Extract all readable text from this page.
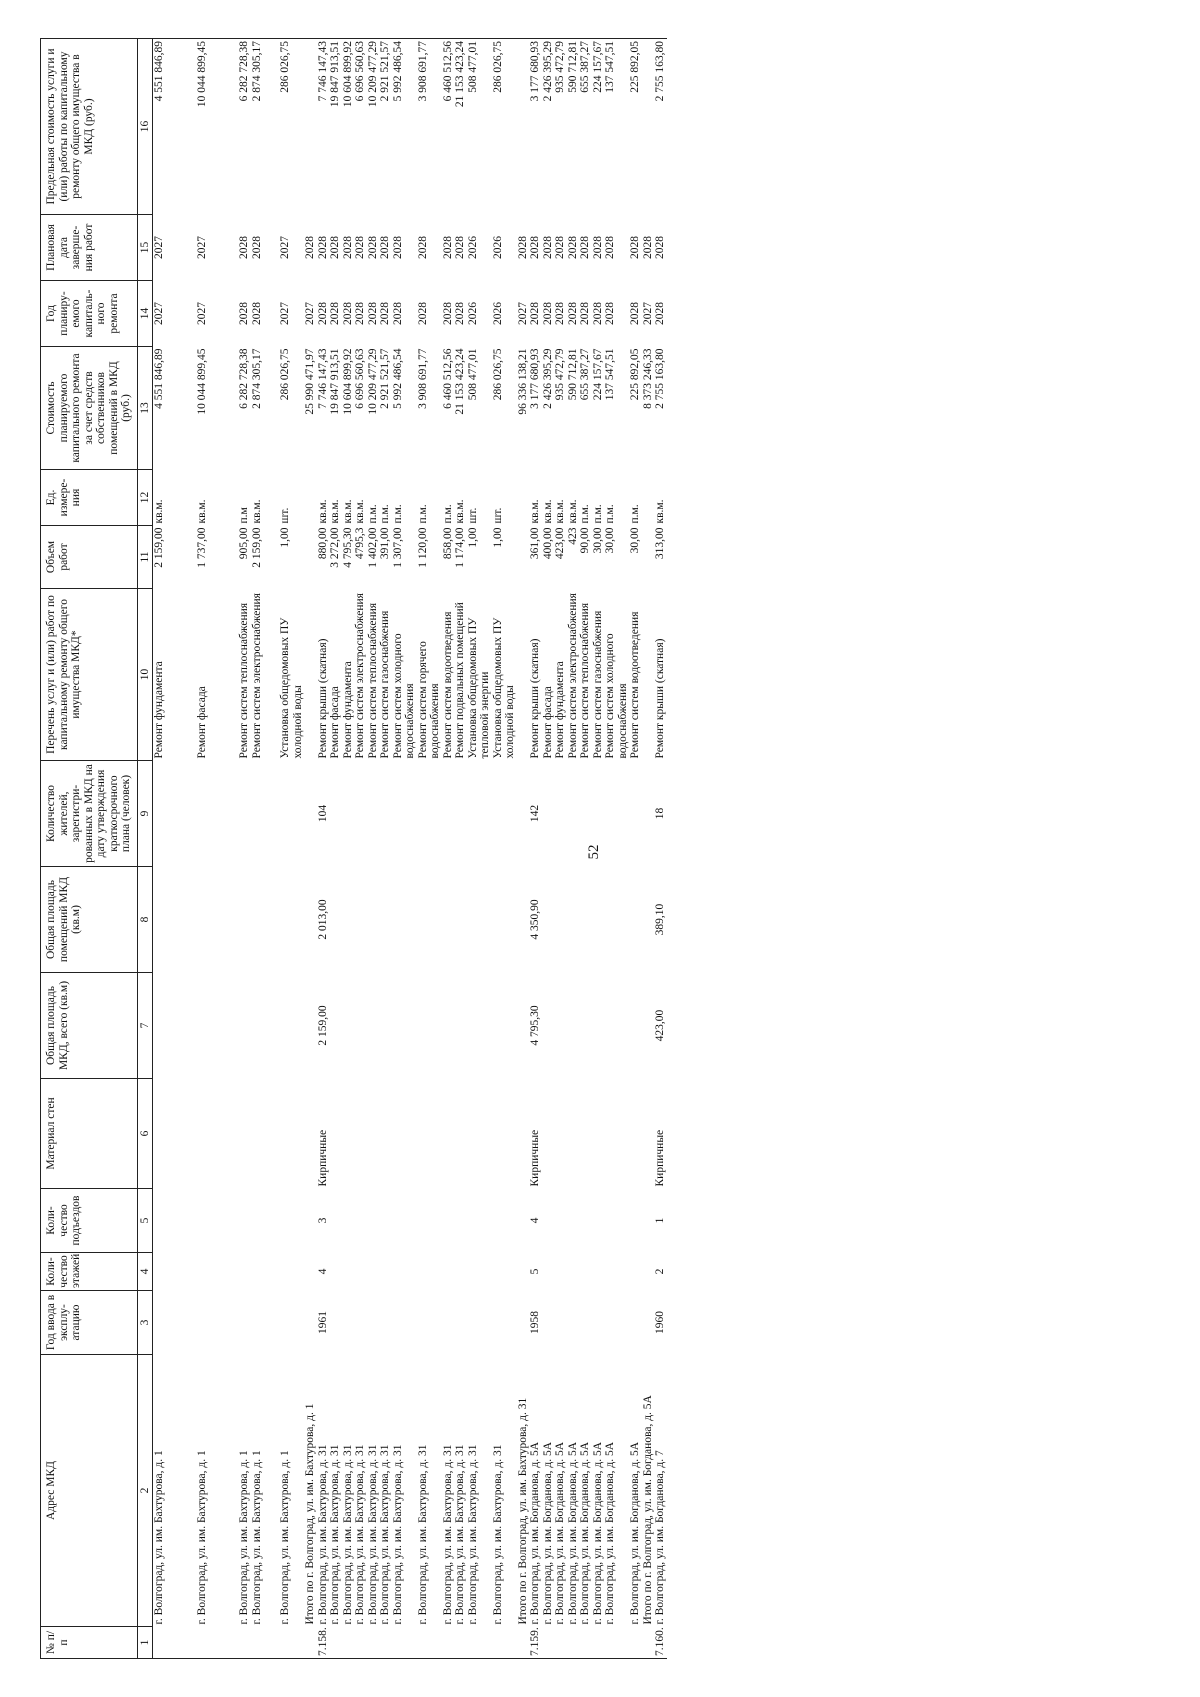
52
№ п/п	Адрес МКД	Год ввода в эксплу-атацию	Коли-чество этажей	Коли-чество подъездов	Материал стен	Общая площадь МКД, всего (кв.м)	Общая площадь помещений МКД (кв.м)	Количество жителей, зарегистри-рованных в МКД на дату утверждения краткосрочного плана (человек)	Перечень услуг и (или) работ по капитальному ремонту общего имущества МКД*	Объем работ	Ед. измере-ния	Стоимость планируемого капитального ремонта за счет средств собственников помещений в МКД (руб.)	Год планиру-емого капиталь-ного ремонта	Плановая дата заверше-ния работ	Предельная стоимость услуги и (или) работы по капитальному ремонту общего имущества в МКД (руб.)
1	2	3	4	5	6	7	8	9	10	11	12	13	14	15	16
	г. Волгоград, ул. им. Бахтурова, д. 1								Ремонт фундамента	2 159,00	кв.м.	4 551 846,89	2027	2027	4 551 846,89

	г. Волгоград, ул. им. Бахтурова, д. 1								Ремонт фасада	1 737,00	кв.м.	10 044 899,45	2027	2027	10 044 899,45

	г. Волгоград, ул. им. Бахтурова, д. 1								Ремонт систем теплоснабжения	905,00	п.м	6 282 728,38	2028	2028	6 282 728,38
	г. Волгоград, ул. им. Бахтурова, д. 1								Ремонт систем электроснабжения	2 159,00	кв.м.	2 874 305,17	2028	2028	2 874 305,17

	г. Волгоград, ул. им. Бахтурова, д. 1								Установка общедомовых ПУ холодной воды	1,00	шт.	286 026,75	2027	2027	286 026,75
	Итого по г. Волгоград, ул. им. Бахтурова, д. 1											25 990 471,97	2027	2028	
7.158.	г. Волгоград, ул. им. Бахтурова, д. 31	1961	4	3	Кирпичные	2 159,00	2 013,00	104	Ремонт крыши (скатная)	880,00	кв.м.	7 746 147,43	2028	2028	7 746 147,43
	г. Волгоград, ул. им. Бахтурова, д. 31								Ремонт фасада	3 272,00	кв.м.	19 847 913,51	2028	2028	19 847 913,51
	г. Волгоград, ул. им. Бахтурова, д. 31								Ремонт фундамента	4 795,30	кв.м.	10 604 899,92	2028	2028	10 604 899,92
	г. Волгоград, ул. им. Бахтурова, д. 31								Ремонт систем электроснабжения	4795,3	кв.м.	6 696 560,63	2028	2028	6 696 560,63
	г. Волгоград, ул. им. Бахтурова, д. 31								Ремонт систем теплоснабжения	1 402,00	п.м.	10 209 477,29	2028	2028	10 209 477,29
	г. Волгоград, ул. им. Бахтурова, д. 31								Ремонт систем газоснабжения	391,00	п.м.	2 921 521,57	2028	2028	2 921 521,57
	г. Волгоград, ул. им. Бахтурова, д. 31								Ремонт систем холодного водоснабжения	1 307,00	п.м.	5 992 486,54	2028	2028	5 992 486,54
	г. Волгоград, ул. им. Бахтурова, д. 31								Ремонт систем горячего водоснабжения	1 120,00	п.м.	3 908 691,77	2028	2028	3 908 691,77
	г. Волгоград, ул. им. Бахтурова, д. 31								Ремонт систем водоотведения	858,00	п.м.	6 460 512,56	2028	2028	6 460 512,56
	г. Волгоград, ул. им. Бахтурова, д. 31								Ремонт подвальных помещений	1 174,00	кв.м.	21 153 423,24	2028	2028	21 153 423,24
	г. Волгоград, ул. им. Бахтурова, д. 31								Установка общедомовых ПУ тепловой энергии	1,00	шт.	508 477,01	2026	2026	508 477,01
	г. Волгоград, ул. им. Бахтурова, д. 31								Установка общедомовых ПУ холодной воды	1,00	шт.	286 026,75	2026	2026	286 026,75
	Итого по г. Волгоград, ул. им. Бахтурова, д. 31											96 336 138,21	2027	2028	
7.159.	г. Волгоград, ул. им. Богданова, д. 5А	1958	5	4	Кирпичные	4 795,30	4 350,90	142	Ремонт крыши (скатная)	361,00	кв.м.	3 177 680,93	2028	2028	3 177 680,93
	г. Волгоград, ул. им. Богданова, д. 5А								Ремонт фасада	400,00	кв.м.	2 426 395,29	2028	2028	2 426 395,29
	г. Волгоград, ул. им. Богданова, д. 5А								Ремонт фундамента	423,00	кв.м.	935 472,79	2028	2028	935 472,79
	г. Волгоград, ул. им. Богданова, д. 5А								Ремонт систем электроснабжения	423	кв.м.	590 712,81	2028	2028	590 712,81
	г. Волгоград, ул. им. Богданова, д. 5А								Ремонт систем теплоснабжения	90,00	п.м.	655 387,27	2028	2028	655 387,27
	г. Волгоград, ул. им. Богданова, д. 5А								Ремонт систем газоснабжения	30,00	п.м.	224 157,67	2028	2028	224 157,67
	г. Волгоград, ул. им. Богданова, д. 5А								Ремонт систем холодного водоснабжения	30,00	п.м.	137 547,51	2028	2028	137 547,51
	г. Волгоград, ул. им. Богданова, д. 5А								Ремонт систем водоотведения	30,00	п.м.	225 892,05	2028	2028	225 892,05
	Итого по г. Волгоград, ул. им. Богданова, д. 5А											8 373 246,33	2027	2028	
7.160.	г. Волгоград, ул. им. Богданова, д. 7	1960	2	1	Кирпичные	423,00	389,10	18	Ремонт крыши (скатная)	313,00	кв.м.	2 755 163,80	2028	2028	2 755 163,80
